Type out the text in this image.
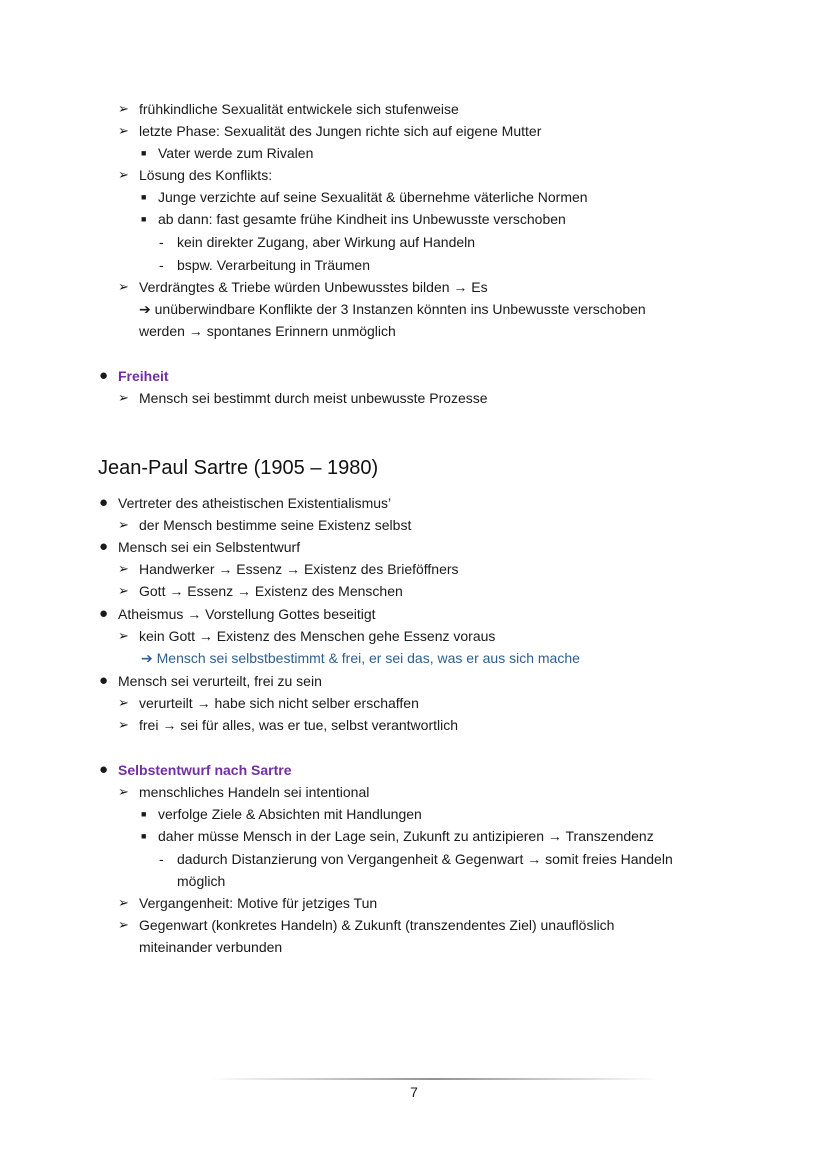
➢ frühkindliche Sexualität entwickele sich stufenweise
➢ letzte Phase: Sexualität des Jungen richte sich auf eigene Mutter
■ Vater werde zum Rivalen
➢ Lösung des Konflikts:
■ Junge verzichte auf seine Sexualität & übernehme väterliche Normen
■ ab dann: fast gesamte frühe Kindheit ins Unbewusste verschoben
- kein direkter Zugang, aber Wirkung auf Handeln
- bspw. Verarbeitung in Träumen
➢ Verdrängtes & Triebe würden Unbewusstes bilden → Es
➔ unüberwindbare Konflikte der 3 Instanzen könnten ins Unbewusste verschoben
werden → spontanes Erinnern unmöglich
● Freiheit
➢ Mensch sei bestimmt durch meist unbewusste Prozesse
Jean-Paul Sartre (1905 – 1980)
● Vertreter des atheistischen Existentialismus’
➢ der Mensch bestimme seine Existenz selbst
● Mensch sei ein Selbstentwurf
➢ Handwerker → Essenz → Existenz des Brieföffners
➢ Gott → Essenz → Existenz des Menschen
● Atheismus → Vorstellung Gottes beseitigt
➢ kein Gott → Existenz des Menschen gehe Essenz voraus
➔ Mensch sei selbstbestimmt & frei, er sei das, was er aus sich mache
● Mensch sei verurteilt, frei zu sein
➢ verurteilt → habe sich nicht selber erschaffen
➢ frei → sei für alles, was er tue, selbst verantwortlich
● Selbstentwurf nach Sartre
➢ menschliches Handeln sei intentional
■ verfolge Ziele & Absichten mit Handlungen
■ daher müsse Mensch in der Lage sein, Zukunft zu antizipieren → Transzendenz
- dadurch Distanzierung von Vergangenheit & Gegenwart → somit freies Handeln
möglich
➢ Vergangenheit: Motive für jetziges Tun
➢ Gegenwart (konkretes Handeln) & Zukunft (transzendentes Ziel) unauflöslich
miteinander verbunden
7
